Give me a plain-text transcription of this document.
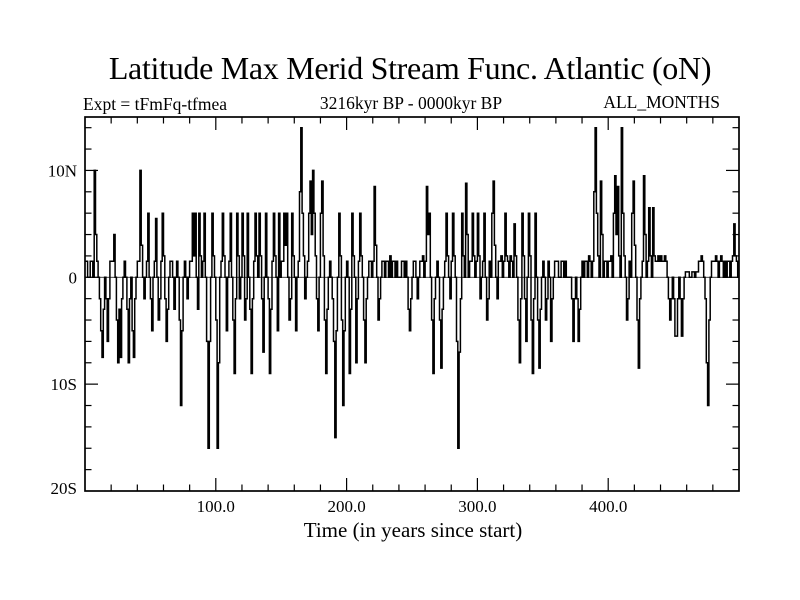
Latitude Max Merid Stream Func. Atlantic (oN)
Expt = tFmFq-tfmea	3216kyr BP - 0000kyr BP	ALL_MONTHS
100.0	200.0	300.0	400.0
10N
0
10S
20S
Time (in years since start)
